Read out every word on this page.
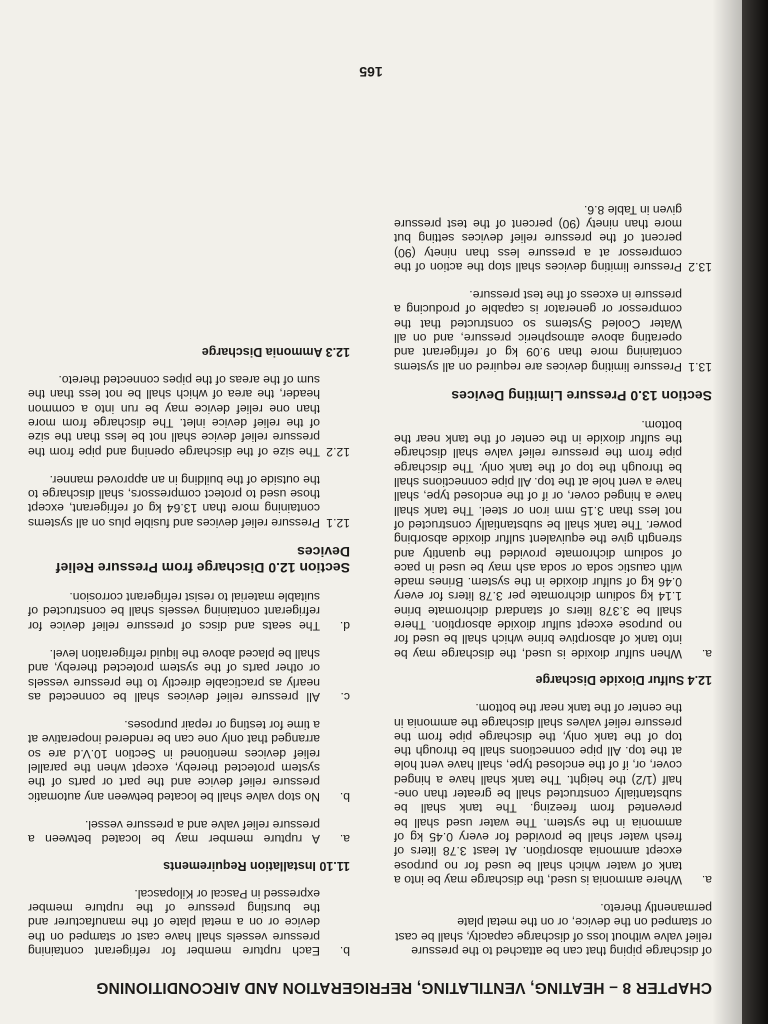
CHAPTER 8 – HEATING, VENTILATING, REFRIGERATION AND AIRCONDITIONING

of discharge piping that can be attached to the pressure relief valve without loss of discharge capacity, shall be cast or stamped on the device, or on the metal plate permanently thereto.

a.
Where ammonia is used, the discharge may be into a tank of water which shall be used for no purpose except ammonia absorption. At least 3.78 liters of fresh water shall be provided for every 0.45 kg of ammonia in the system. The water used shall be prevented from freezing. The tank shall be substantially constructed shall be greater than one-half (1/2) the height. The tank shall have a hinged cover, or, if of the enclosed type, shall have vent hole at the top. All pipe connections shall be through the top of the tank only, the discharge pipe from the pressure relief valves shall discharge the ammonia in the center of the tank near the bottom.
12.4 Sulfur Dioxide Discharge
a.
When sulfur dioxide is used, the discharge may be into tank of absorptive brine which shall be used for no purpose except sulfur dioxide absorption. There shall be 3.378 liters of standard dichromate brine 1.14 kg sodium dichromate per 3.78 liters for every 0.46 kg of sulfur dioxide in the system. Brines made with caustic soda or soda ash may be used in pace of sodium dichromate provided the quantity and strength give the equivalent sulfur dioxide absorbing power. The tank shall be substantially constructed of not less than 3.15 mm iron or steel. The tank shall have a hinged cover, or if of the enclosed type, shall have a vent hole at the top. All pipe connections shall be through the top of the tank only. The discharge pipe from the pressure relief valve shall discharge the sulfur dioxide in the center of the tank near the bottom.
Section 13.0 Pressure Limiting Devices
13.1
Pressure limiting devices are required on all systems containing more than 9.09 kg of refrigerant and operating above atmospheric pressure, and on all Water Cooled Systems so constructed that the compressor or generator is capable of producing a pressure in excess of the test pressure.
13.2
Pressure limiting devices shall stop the action of the compressor at a pressure less than ninety (90) percent of the pressure relief devices setting but more than ninety (90) percent of the test pressure given in Table 8.6.
b.
Each rupture member for refrigerant containing pressure vessels shall have cast or stamped on the device or on a metal plate of the manufacturer and the bursting pressure of the rupture member expressed in Pascal or Kilopascal.
11.10 Installation Requirements
a.
A rupture member may be located between a pressure relief valve and a pressure vessel.
b.
No stop valve shall be located between any automatic pressure relief device and the part or parts of the system protected thereby, except when the parallel relief devices mentioned in Section 10.V.d are so arranged that only one can be rendered inoperative at a time for testing or repair purposes.
c.
All pressure relief devices shall be connected as nearly as practicable directly to the pressure vessels or other parts of the system protected thereby, and shall be placed above the liquid refrigeration level.
d.
The seats and discs of pressure relief device for refrigerant containing vessels shall be constructed of suitable material to resist refrigerant corrosion.
Section 12.0 Discharge from Pressure Relief Devices
12.1
Pressure relief devices and fusible plus on all systems containing more than 13.64 kg of refrigerant, except those used to protect compressors, shall discharge to the outside of the building in an approved manner.
12.2
The size of the discharge opening and pipe from the pressure relief device shall not be less than the size of the relief device inlet. The discharge from more than one relief device may be run into a common header, the area of which shall be not less than the sum of the areas of the pipes connected thereto.
12.3 Ammonia Discharge
165
